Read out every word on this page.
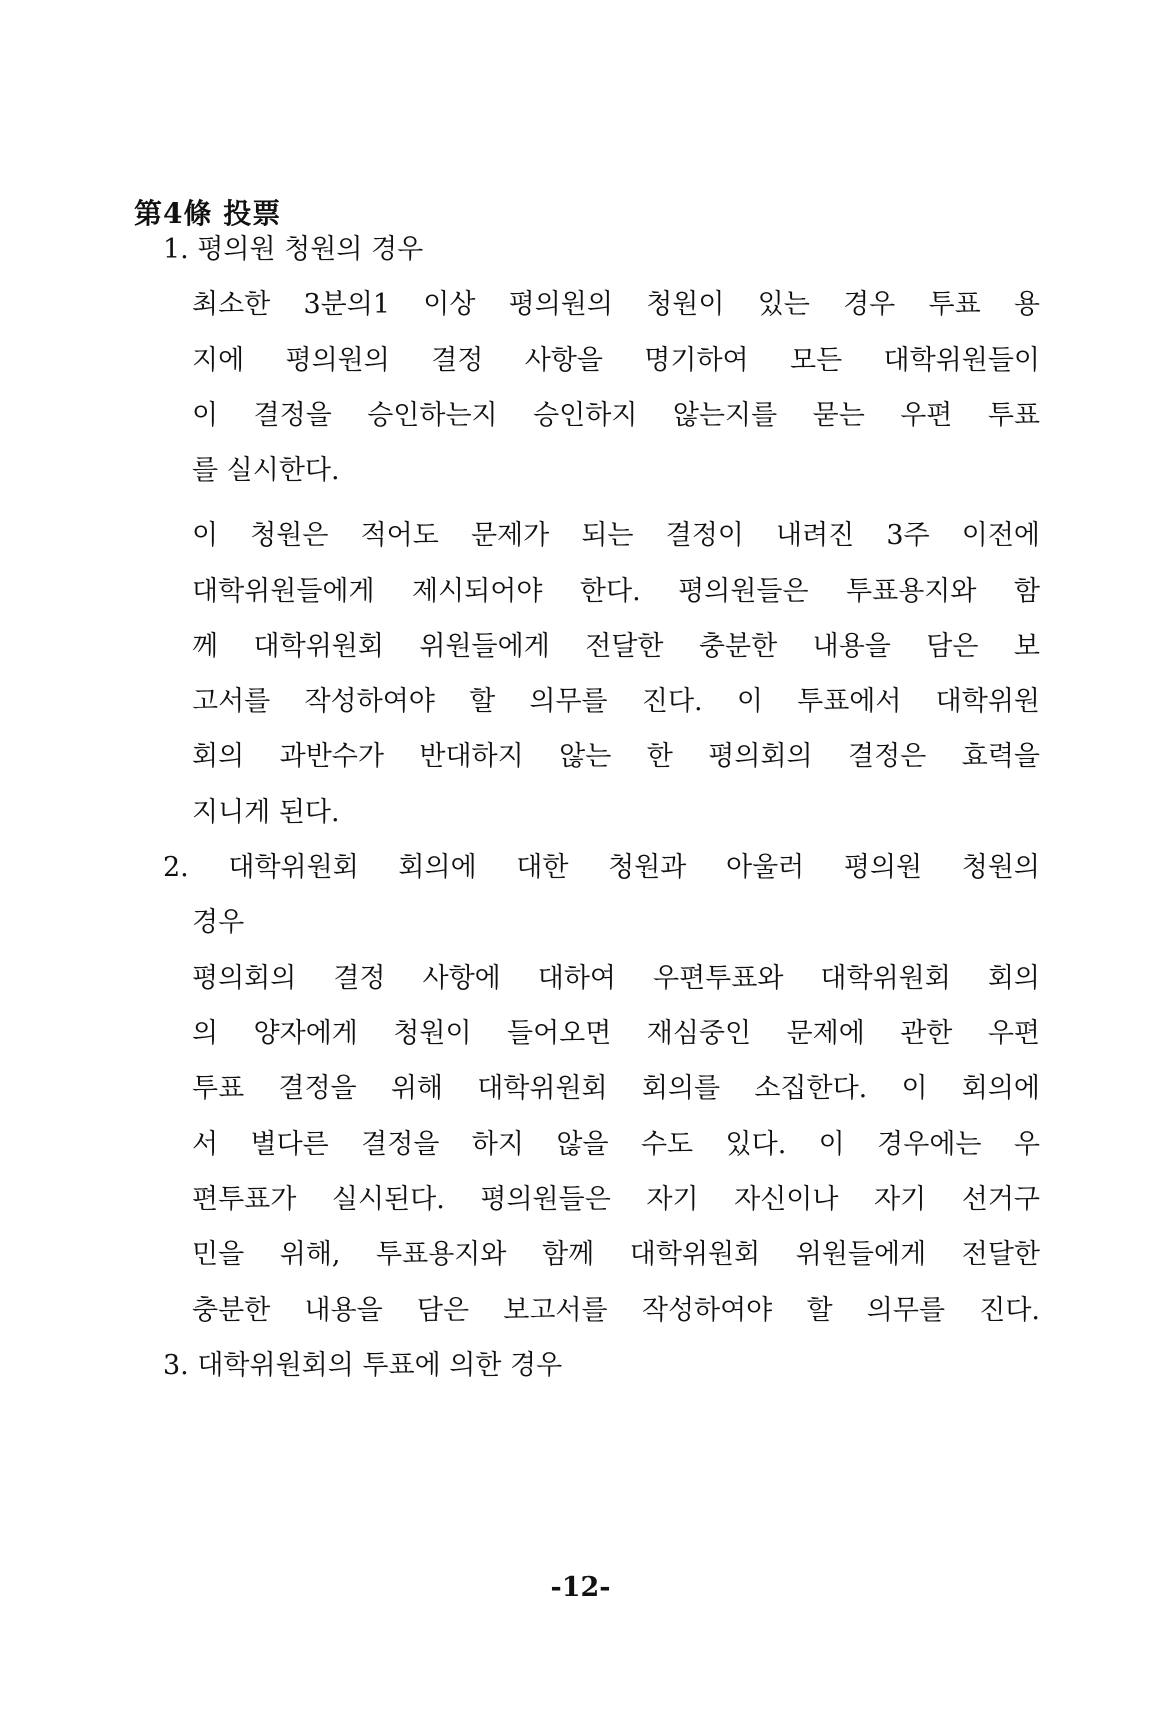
第4條 投票
1. 평의원 청원의 경우
최소한 3분의1 이상 평의원의 청원이 있는 경우 투표 용
지에 평의원의 결정 사항을 명기하여 모든 대학위원들이
이 결정을 승인하는지 승인하지 않는지를 묻는 우편 투표
를 실시한다.
이 청원은 적어도 문제가 되는 결정이 내려진 3주 이전에
대학위원들에게 제시되어야 한다. 평의원들은 투표용지와 함
께 대학위원회 위원들에게 전달한 충분한 내용을 담은 보
고서를 작성하여야 할 의무를 진다. 이 투표에서 대학위원
회의 과반수가 반대하지 않는 한 평의회의 결정은 효력을
지니게 된다.
2. 대학위원회 회의에 대한 청원과 아울러 평의원 청원의
경우
평의회의 결정 사항에 대하여 우편투표와 대학위원회 회의
의 양자에게 청원이 들어오면 재심중인 문제에 관한 우편
투표 결정을 위해 대학위원회 회의를 소집한다. 이 회의에
서 별다른 결정을 하지 않을 수도 있다. 이 경우에는 우
편투표가 실시된다. 평의원들은 자기 자신이나 자기 선거구
민을 위해, 투표용지와 함께 대학위원회 위원들에게 전달한
충분한 내용을 담은 보고서를 작성하여야 할 의무를 진다.
3. 대학위원회의 투표에 의한 경우
-12-
